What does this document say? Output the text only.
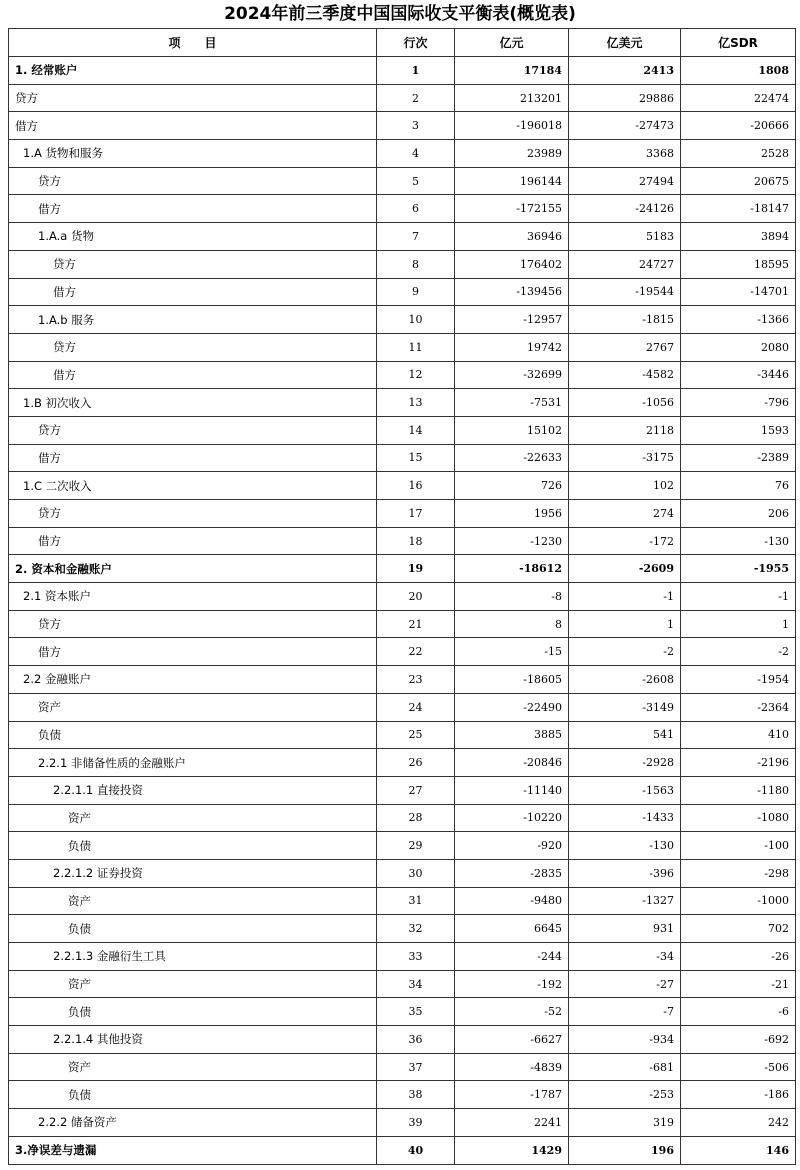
2024年前三季度中国国际收支平衡表(概览表)
项　　目	行次	亿元	亿美元	亿SDR
1. 经常账户	1	17184	2413	1808
贷方	2	213201	29886	22474
借方	3	-196018	-27473	-20666
1.A 货物和服务	4	23989	3368	2528
贷方	5	196144	27494	20675
借方	6	-172155	-24126	-18147
1.A.a 货物	7	36946	5183	3894
贷方	8	176402	24727	18595
借方	9	-139456	-19544	-14701
1.A.b 服务	10	-12957	-1815	-1366
贷方	11	19742	2767	2080
借方	12	-32699	-4582	-3446
1.B 初次收入	13	-7531	-1056	-796
贷方	14	15102	2118	1593
借方	15	-22633	-3175	-2389
1.C 二次收入	16	726	102	76
贷方	17	1956	274	206
借方	18	-1230	-172	-130
2. 资本和金融账户	19	-18612	-2609	-1955
2.1 资本账户	20	-8	-1	-1
贷方	21	8	1	1
借方	22	-15	-2	-2
2.2 金融账户	23	-18605	-2608	-1954
资产	24	-22490	-3149	-2364
负债	25	3885	541	410
2.2.1 非储备性质的金融账户	26	-20846	-2928	-2196
2.2.1.1 直接投资	27	-11140	-1563	-1180
资产	28	-10220	-1433	-1080
负债	29	-920	-130	-100
2.2.1.2 证券投资	30	-2835	-396	-298
资产	31	-9480	-1327	-1000
负债	32	6645	931	702
2.2.1.3 金融衍生工具	33	-244	-34	-26
资产	34	-192	-27	-21
负债	35	-52	-7	-6
2.2.1.4 其他投资	36	-6627	-934	-692
资产	37	-4839	-681	-506
负债	38	-1787	-253	-186
2.2.2 储备资产	39	2241	319	242
3.净误差与遗漏	40	1429	196	146
